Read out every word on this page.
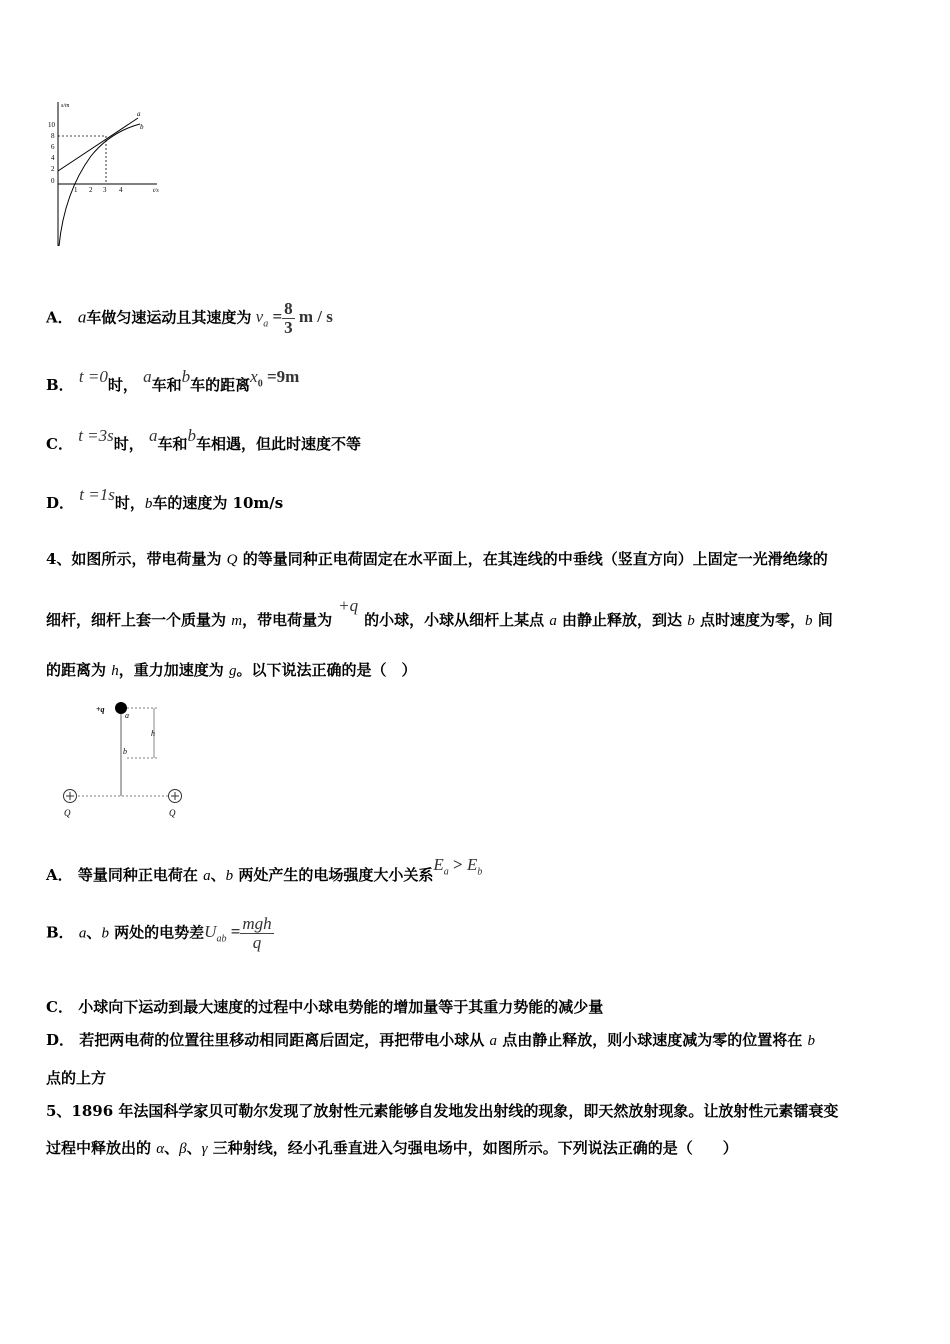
s/m
t/s
10
8
6
4
2
0
1 2 3 4
a
b
A． a车做匀速运动且其速度为 $v_a = \frac{8}{3}$ m / s
B． t =0时， a车和b车的距离$x_0 =9m$
C． t =3s时， a车和b车相遇，但此时速度不等
D． t =1s时，b车的速度为 10m/s
4、如图所示，带电荷量为 Q 的等量同种正电荷固定在水平面上，在其连线的中垂线（竖直方向）上固定一光滑绝缘的
细杆，细杆上套一个质量为 m，带电荷量为+q的小球，小球从细杆上某点 a 由静止释放，到达 b 点时速度为零，b 间
的距离为 h，重力加速度为 g。以下说法正确的是（　）
+q
a
b
h
Q	Q
A． 等量同种正电荷在 a、b 两处产生的电场强度大小关系$E_a > E_b$
B． a、b 两处的电势差$U_{ab} = \frac{\text{mgh}}{q}$
C． 小球向下运动到最大速度的过程中小球电势能的增加量等于其重力势能的减少量
D． 若把两电荷的位置往里移动相同距离后固定，再把带电小球从 a 点由静止释放，则小球速度减为零的位置将在 b
点的上方
5、1896 年法国科学家贝可勒尔发现了放射性元素能够自发地发出射线的现象，即天然放射现象。让放射性元素镭衰变
过程中释放出的 α、β、γ 三种射线，经小孔垂直进入匀强电场中，如图所示。下列说法正确的是（　　）
